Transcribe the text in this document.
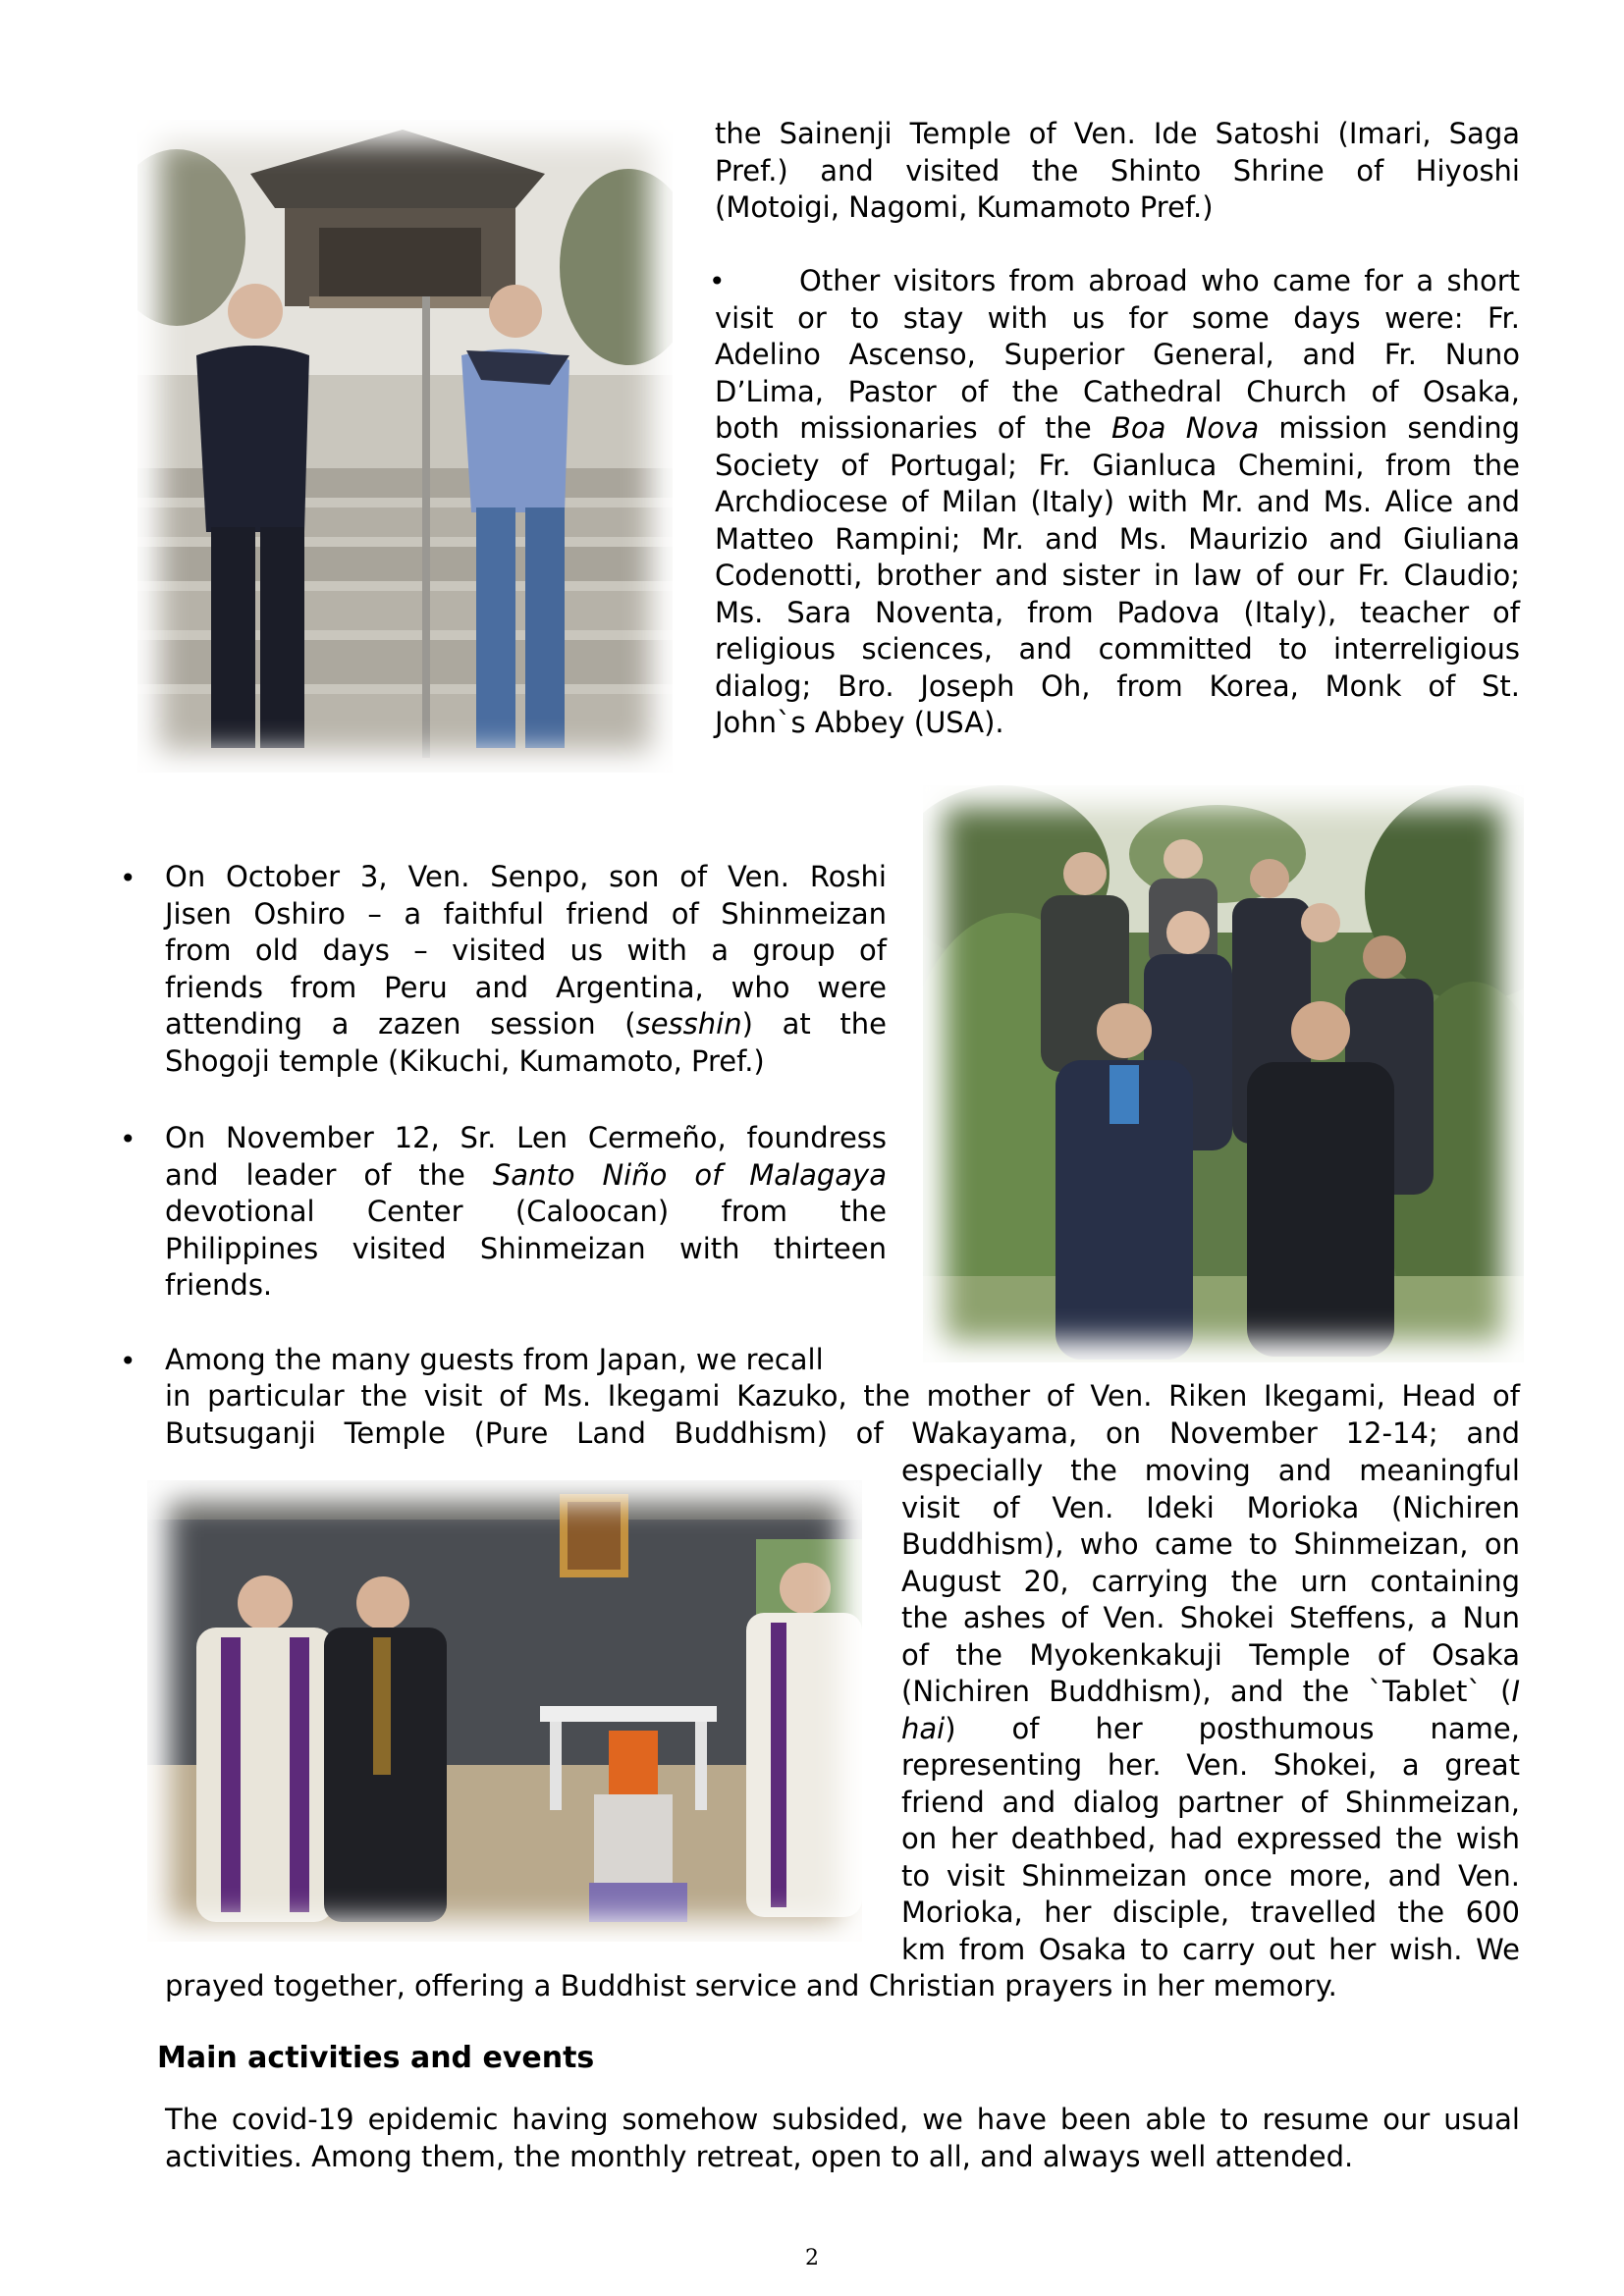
the Sainenji Temple of Ven. Ide Satoshi (Imari, Saga
Pref.) and visited the Shinto Shrine of Hiyoshi
(Motoigi, Nagomi, Kumamoto Pref.)
•	Other visitors from abroad who came for a short
visit or to stay with us for some days were: Fr.
Adelino Ascenso, Superior General, and Fr. Nuno
D’Lima, Pastor of the Cathedral Church of Osaka,
both missionaries of the Boa Nova mission sending
Society of Portugal; Fr. Gianluca Chemini, from the
Archdiocese of Milan (Italy) with Mr. and Ms. Alice and
Matteo Rampini; Mr. and Ms. Maurizio and Giuliana
Codenotti, brother and sister in law of our Fr. Claudio;
Ms. Sara Noventa, from Padova (Italy), teacher of
religious sciences, and committed to interreligious
dialog; Bro. Joseph Oh, from Korea, Monk of St.
John`s Abbey (USA).
• On October 3, Ven. Senpo, son of Ven. Roshi
Jisen Oshiro – a faithful friend of Shinmeizan
from old days – visited us with a group of
friends from Peru and Argentina, who were
attending a zazen session (sesshin) at the
Shogoji temple (Kikuchi, Kumamoto, Pref.)
• On November 12, Sr. Len Cermeño, foundress
and leader of the Santo Niño of Malagaya
devotional Center (Caloocan) from the
Philippines visited Shinmeizan with thirteen
friends.
• Among the many guests from Japan, we recall
in particular the visit of Ms. Ikegami Kazuko, the mother of Ven. Riken Ikegami, Head of
Butsuganji Temple (Pure Land Buddhism) of Wakayama, on November 12-14; and
especially the moving and meaningful
visit of Ven. Ideki Morioka (Nichiren
Buddhism), who came to Shinmeizan, on
August 20, carrying the urn containing
the ashes of Ven. Shokei Steffens, a Nun
of the Myokenkakuji Temple of Osaka
(Nichiren Buddhism), and the `Tablet` (I
hai) of her posthumous name,
representing her. Ven. Shokei, a great
friend and dialog partner of Shinmeizan,
on her deathbed, had expressed the wish
to visit Shinmeizan once more, and Ven.
Morioka, her disciple, travelled the 600
km from Osaka to carry out her wish. We
prayed together, offering a Buddhist service and Christian prayers in her memory.
Main activities and events
The covid-19 epidemic having somehow subsided, we have been able to resume our usual
activities. Among them, the monthly retreat, open to all, and always well attended.
2
